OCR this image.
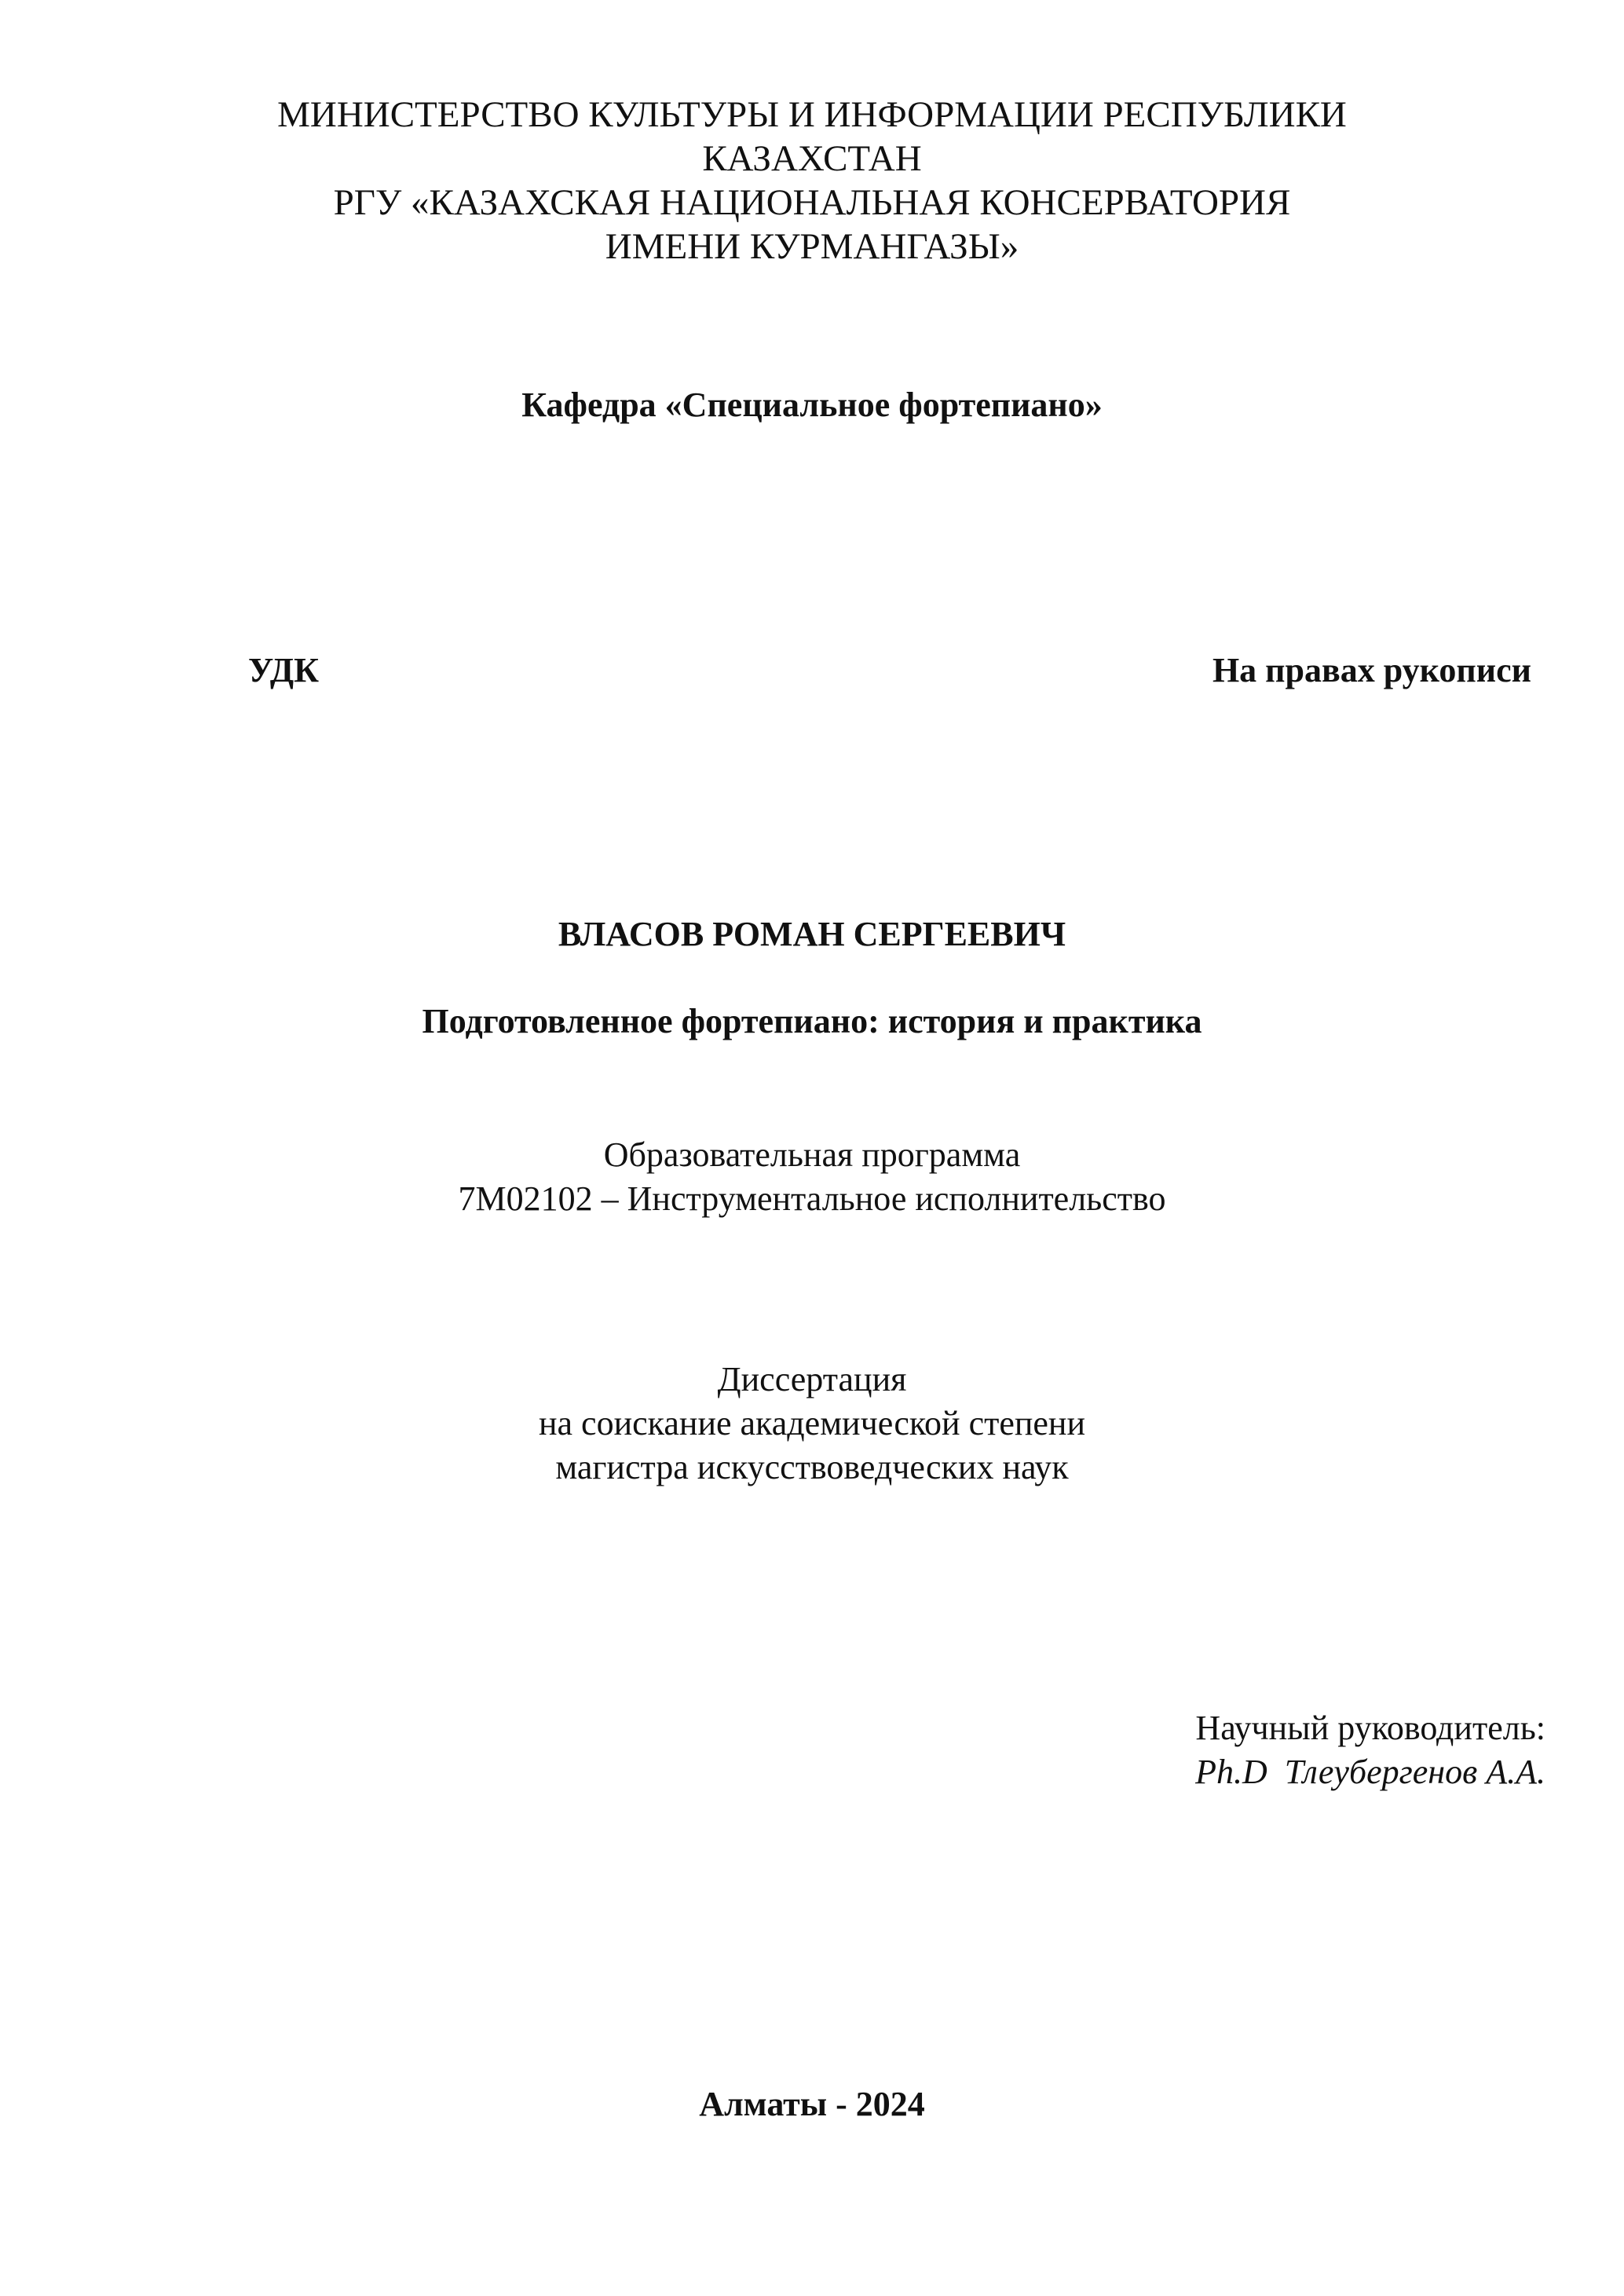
МИНИСТЕРСТВО КУЛЬТУРЫ И ИНФОРМАЦИИ РЕСПУБЛИКИ
КАЗАХСТАН
РГУ «КАЗАХСКАЯ НАЦИОНАЛЬНАЯ КОНСЕРВАТОРИЯ
ИМЕНИ КУРМАНГАЗЫ»
Кафедра «Специальное фортепиано»
УДК	На правах рукописи
ВЛАСОВ РОМАН СЕРГЕЕВИЧ
Подготовленное фортепиано: история и практика
Образовательная программа
7M02102 – Инструментальное исполнительство
Диссертация
на соискание академической степени
магистра искусствоведческих наук
Научный руководитель:
Ph.D  Тлеубергенов А.А.
Алматы - 2024
